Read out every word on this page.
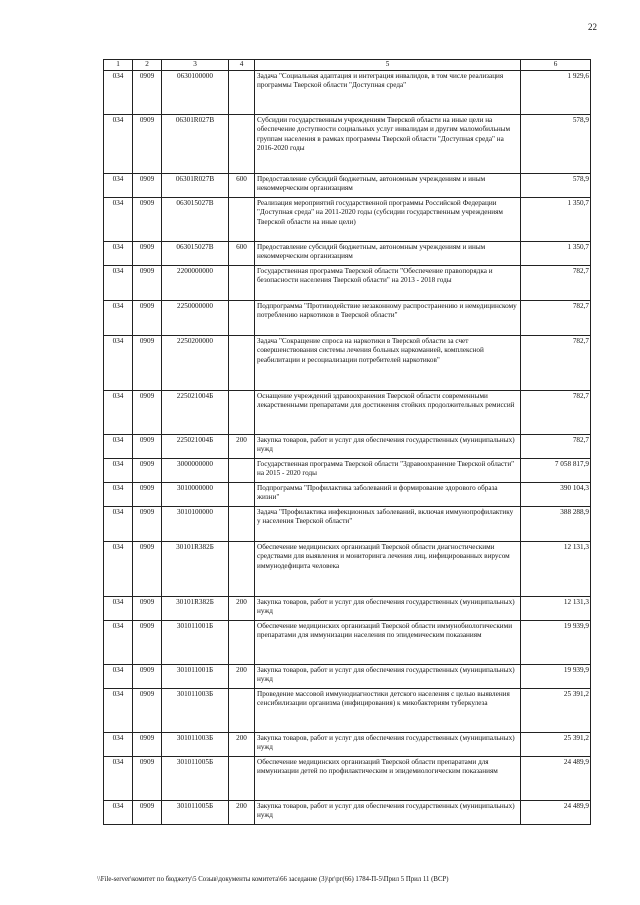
22
1	2	3	4	5	6
034	0909	0630100000		Задача "Социальная адаптация и интеграция инвалидов, в том числе реализация программы Тверской области "Доступная среда"	1 929,6
034	0909	06301R027В		Субсидии государственным учреждениям Тверской области на иные цели на обеспечение доступности социальных услуг инвалидам и другим маломобильным группам населения в рамках программы Тверской области "Доступная среда" на 2016-2020 годы	578,9
034	0909	06301R027В	600	Предоставление субсидий бюджетным, автономным учреждениям и иным некоммерческим организациям	578,9
034	0909	063015027В		Реализация мероприятий государственной программы Российской Федерации "Доступная среда" на 2011-2020 годы (субсидии государственным учреждениям Тверской области на иные цели)	1 350,7
034	0909	063015027В	600	Предоставление субсидий бюджетным, автономным учреждениям и иным некоммерческим организациям	1 350,7
034	0909	2200000000		Государственная программа Тверской области "Обеспечение правопорядка и безопасности населения Тверской области" на 2013 - 2018 годы	782,7
034	0909	2250000000		Подпрограмма "Противодействие незаконному распространению и немедицинскому потреблению наркотиков в Тверской области"	782,7
034	0909	2250200000		Задача "Сокращение спроса на наркотики в Тверской области за счет совершенствования системы лечения больных наркоманией, комплексной реабилитации и ресоциализации потребителей наркотиков"	782,7
034	0909	225021004Б		Оснащение учреждений здравоохранения Тверской области современными лекарственными препаратами для достижения стойких продолжительных ремиссий	782,7
034	0909	225021004Б	200	Закупка товаров, работ и услуг для обеспечения государственных (муниципальных) нужд	782,7
034	0909	3000000000		Государственная программа Тверской области "Здравоохранение Тверской области" на 2015 - 2020 годы	7 058 817,9
034	0909	3010000000		Подпрограмма "Профилактика заболеваний и формирование здорового образа жизни"	390 104,3
034	0909	3010100000		Задача "Профилактика инфекционных заболеваний, включая иммунопрофилактику у населения Тверской области"	388 288,9
034	0909	30101R382Б		Обеспечение медицинских организаций Тверской области диагностическими средствами для выявления и мониторинга лечения лиц, инфицированных вирусом иммунодефицита человека	12 131,3
034	0909	30101R382Б	200	Закупка товаров, работ и услуг для обеспечения государственных (муниципальных) нужд	12 131,3
034	0909	301011001Б		Обеспечение медицинских организаций Тверской области иммунобиологическими препаратами для иммунизации населения по эпидемическим показаниям	19 939,9
034	0909	301011001Б	200	Закупка товаров, работ и услуг для обеспечения государственных (муниципальных) нужд	19 939,9
034	0909	301011003Б		Проведение массовой иммунодиагностики детского населения с целью выявления сенсибилизации организма (инфицирования) к микобактериям туберкулеза	25 391,2
034	0909	301011003Б	200	Закупка товаров, работ и услуг для обеспечения государственных (муниципальных) нужд	25 391,2
034	0909	301011005Б		Обеспечение медицинских организаций Тверской области препаратами для иммунизации детей по профилактическим и эпидемиологическим показаниям	24 489,9
034	0909	301011005Б	200	Закупка товаров, работ и услуг для обеспечения государственных (муниципальных) нужд	24 489,9
\\File-server\комитет по бюджету\5 Созыв\документы комитета\66 заседание (3)\pr\рг(66) 1784-П-5\Прил 5 Прил 11 (ВСР)
